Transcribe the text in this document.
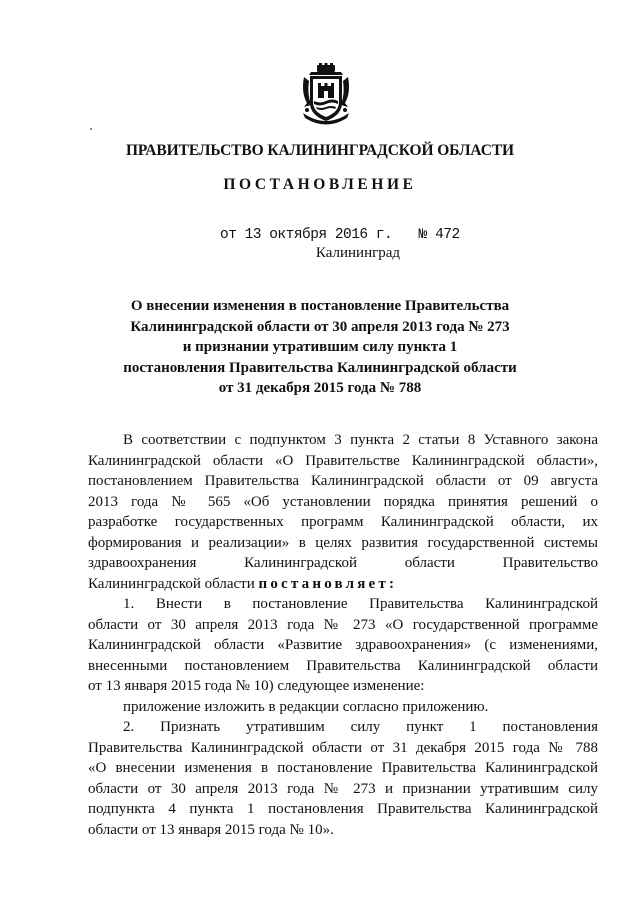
ПРАВИТЕЛЬСТВО КАЛИНИНГРАДСКОЙ ОБЛАСТИ
ПОСТАНОВЛЕНИЕ
от 13 октября 2016 г. № 472
Калининград
О внесении изменения в постановление Правительства
Калининградской области от 30 апреля 2013 года № 273
и признании утратившим силу пункта 1
постановления Правительства Калининградской области
от 31 декабря 2015 года № 788
В соответствии с подпунктом 3 пункта 2 статьи 8 Уставного закона
Калининградской области «О Правительстве Калининградской области»,
постановлением Правительства Калининградской области от 09 августа
2013 года № 565 «Об установлении порядка принятия решений о
разработке государственных программ Калининградской области, их
формирования и реализации» в целях развития государственной системы
здравоохранения Калининградской области Правительство
Калининградской области постановляет:
1. Внести в постановление Правительства Калининградской
области от 30 апреля 2013 года № 273 «О государственной программе
Калининградской области «Развитие здравоохранения» (с изменениями,
внесенными постановлением Правительства Калининградской области
от 13 января 2015 года № 10) следующее изменение:
приложение изложить в редакции согласно приложению.
2. Признать утратившим силу пункт 1 постановления
Правительства Калининградской области от 31 декабря 2015 года № 788
«О внесении изменения в постановление Правительства Калининградской
области от 30 апреля 2013 года № 273 и признании утратившим силу
подпункта 4 пункта 1 постановления Правительства Калининградской
области от 13 января 2015 года № 10».
